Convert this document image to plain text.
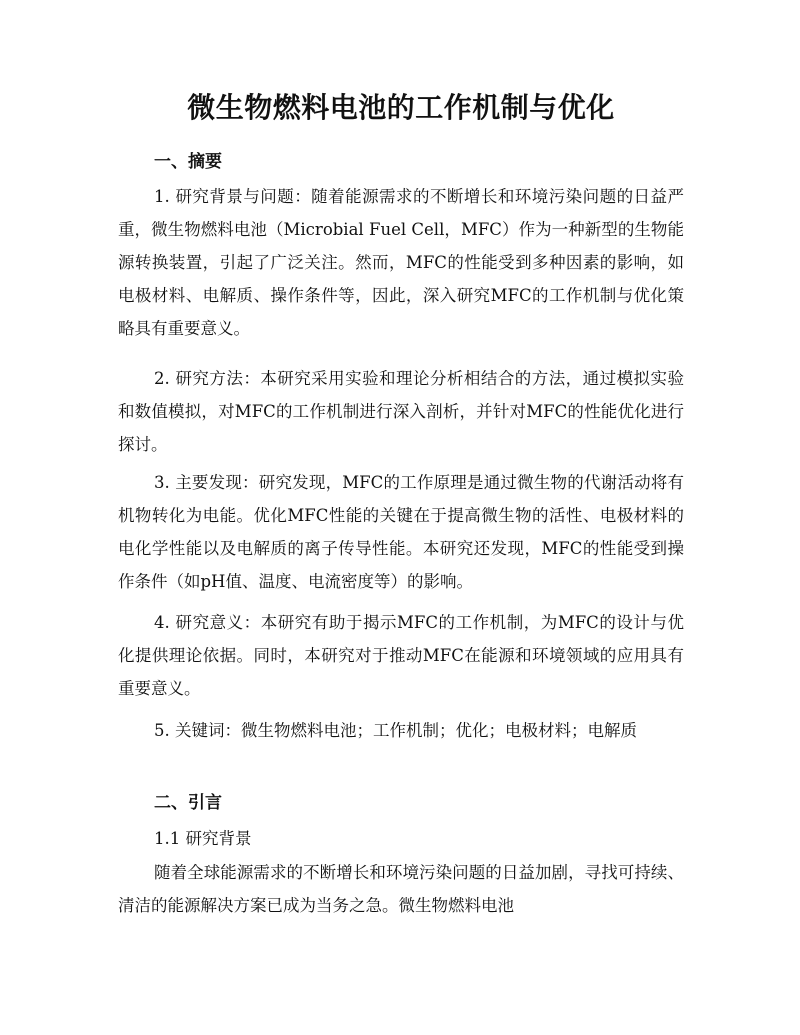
微生物燃料电池的工作机制与优化
一、摘要

1. 研究背景与问题：随着能源需求的不断增长和环境污染问题的日益严重，微生物燃料电池（Microbial Fuel Cell，MFC）作为一种新型的生物能源转换装置，引起了广泛关注。然而，MFC的性能受到多种因素的影响，如电极材料、电解质、操作条件等，因此，深入研究MFC的工作机制与优化策略具有重要意义。

2. 研究方法：本研究采用实验和理论分析相结合的方法，通过模拟实验和数值模拟，对MFC的工作机制进行深入剖析，并针对MFC的性能优化进行探讨。

3. 主要发现：研究发现，MFC的工作原理是通过微生物的代谢活动将有机物转化为电能。优化MFC性能的关键在于提高微生物的活性、电极材料的电化学性能以及电解质的离子传导性能。本研究还发现，MFC的性能受到操作条件（如pH值、温度、电流密度等）的影响。

4. 研究意义：本研究有助于揭示MFC的工作机制，为MFC的设计与优化提供理论依据。同时，本研究对于推动MFC在能源和环境领域的应用具有重要意义。

5. 关键词：微生物燃料电池；工作机制；优化；电极材料；电解质

二、引言
1.1 研究背景

随着全球能源需求的不断增长和环境污染问题的日益加剧，寻找可持续、清洁的能源解决方案已成为当务之急。微生物燃料电池
